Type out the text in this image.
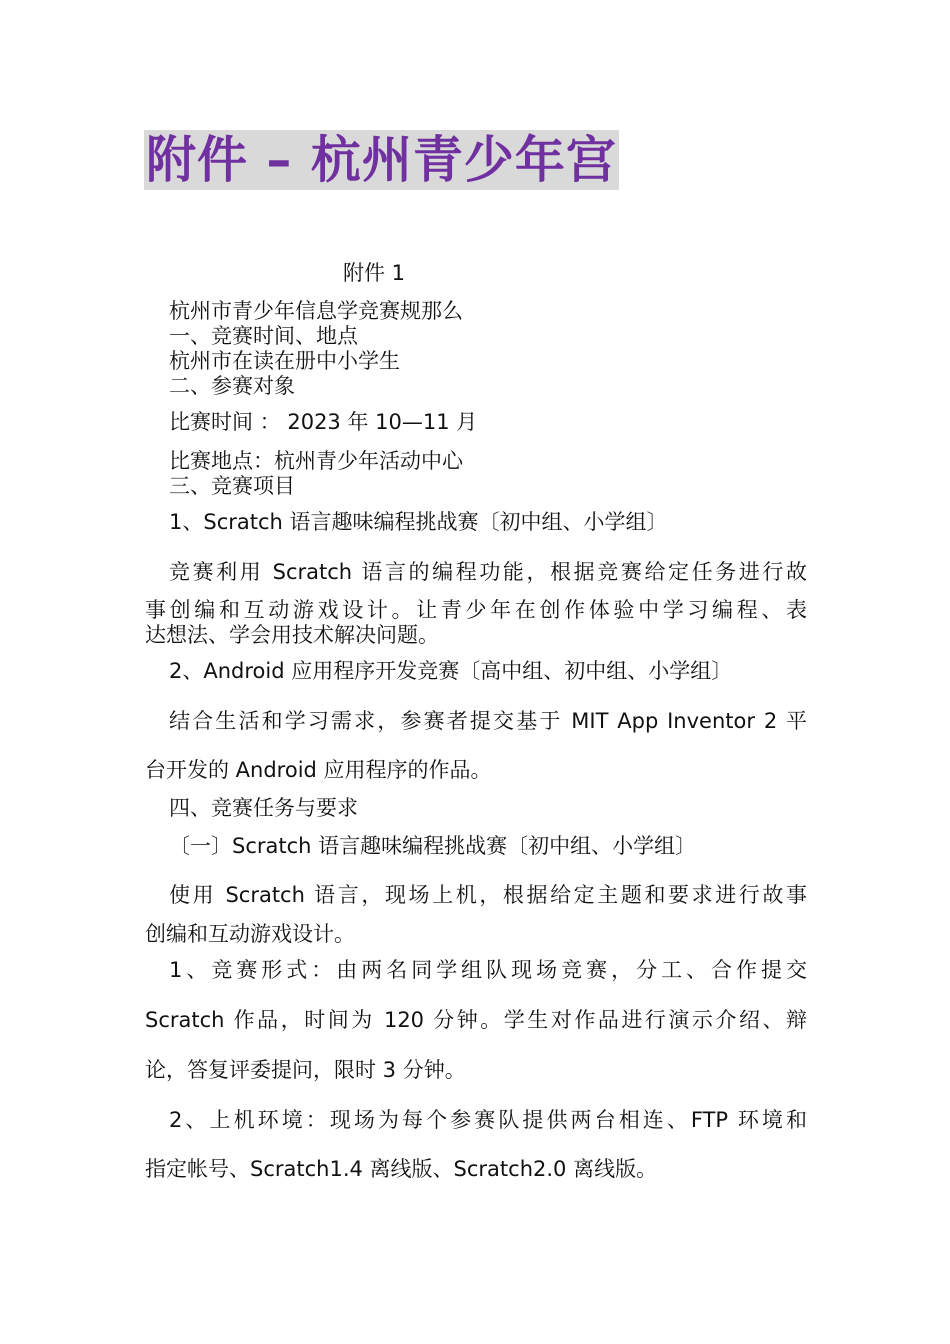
附件 – 杭州青少年宫
附件 1
杭州市青少年信息学竞赛规那么
一、竞赛时间、地点
杭州市在读在册中小学生
二、参赛对象
比赛时间 ： 2023 年 10—11 月
比赛地点：杭州青少年活动中心
三、竞赛项目
1、Scratch 语言趣味编程挑战赛〔初中组、小学组〕
竞赛利用 Scratch 语言的编程功能，根据竞赛给定任务进行故
事创编和互动游戏设计。让青少年在创作体验中学习编程、表
达想法、学会用技术解决问题。
2、Android 应用程序开发竞赛〔高中组、初中组、小学组〕
结合生活和学习需求，参赛者提交基于 MIT App Inventor 2 平
台开发的 Android 应用程序的作品。
四、竞赛任务与要求
〔一〕Scratch 语言趣味编程挑战赛〔初中组、小学组〕
使用 Scratch 语言，现场上机，根据给定主题和要求进行故事
创编和互动游戏设计。
1、竞赛形式：由两名同学组队现场竞赛，分工、合作提交
Scratch 作品，时间为 120 分钟。学生对作品进行演示介绍、辩
论，答复评委提问，限时 3 分钟。
2、上机环境：现场为每个参赛队提供两台相连、FTP 环境和
指定帐号、Scratch1.4 离线版、Scratch2.0 离线版。
